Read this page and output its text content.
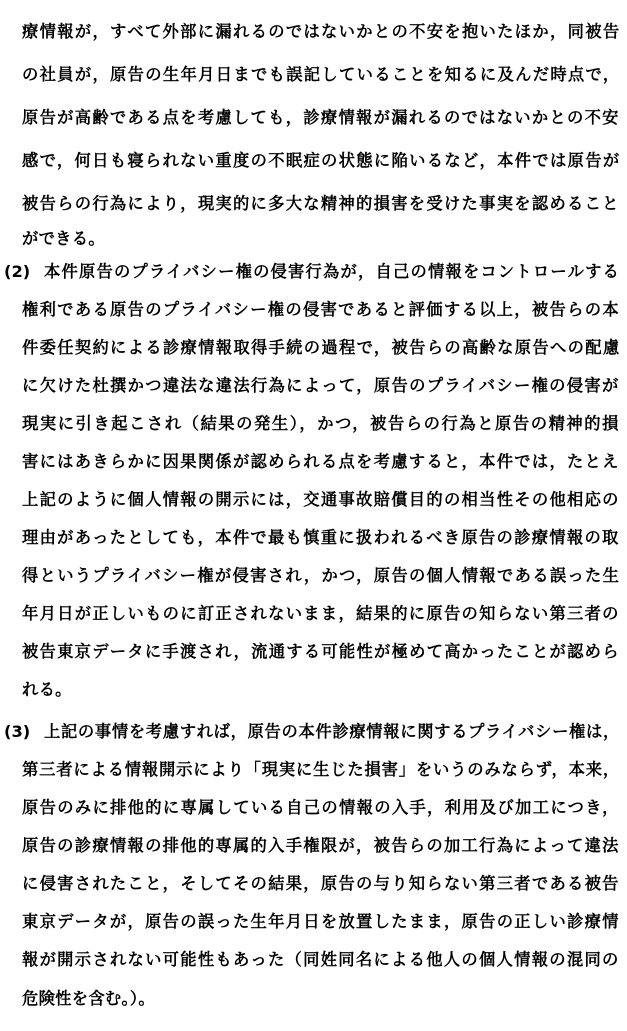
療情報が，すべて外部に漏れるのではないかとの不安を抱いたほか，同被告
の社員が，原告の生年月日までも誤記していることを知るに及んだ時点で，
原告が高齢である点を考慮しても，診療情報が漏れるのではないかとの不安
感で，何日も寝られない重度の不眠症の状態に陥いるなど，本件では原告が
被告らの行為により，現実的に多大な精神的損害を受けた事実を認めること
ができる。
(2) 本件原告のプライバシー権の侵害行為が，自己の情報をコントロールする
権利である原告のプライバシー権の侵害であると評価する以上，被告らの本
件委任契約による診療情報取得手続の過程で，被告らの高齢な原告への配慮
に欠けた杜撰かつ違法な違法行為によって，原告のプライバシー権の侵害が
現実に引き起こされ（結果の発生），かつ，被告らの行為と原告の精神的損
害にはあきらかに因果関係が認められる点を考慮すると，本件では，たとえ
上記のように個人情報の開示には，交通事故賠償目的の相当性その他相応の
理由があったとしても，本件で最も慎重に扱われるべき原告の診療情報の取
得というプライバシー権が侵害され，かつ，原告の個人情報である誤った生
年月日が正しいものに訂正されないまま，結果的に原告の知らない第三者の
被告東京データに手渡され，流通する可能性が極めて高かったことが認めら
れる。
(3) 上記の事情を考慮すれば，原告の本件診療情報に関するプライバシー権は，
第三者による情報開示により「現実に生じた損害」をいうのみならず，本来，
原告のみに排他的に専属している自己の情報の入手，利用及び加工につき，
原告の診療情報の排他的専属的入手権限が，被告らの加工行為によって違法
に侵害されたこと，そしてその結果，原告の与り知らない第三者である被告
東京データが，原告の誤った生年月日を放置したまま，原告の正しい診療情
報が開示されない可能性もあった（同姓同名による他人の個人情報の混同の
危険性を含む。）。
